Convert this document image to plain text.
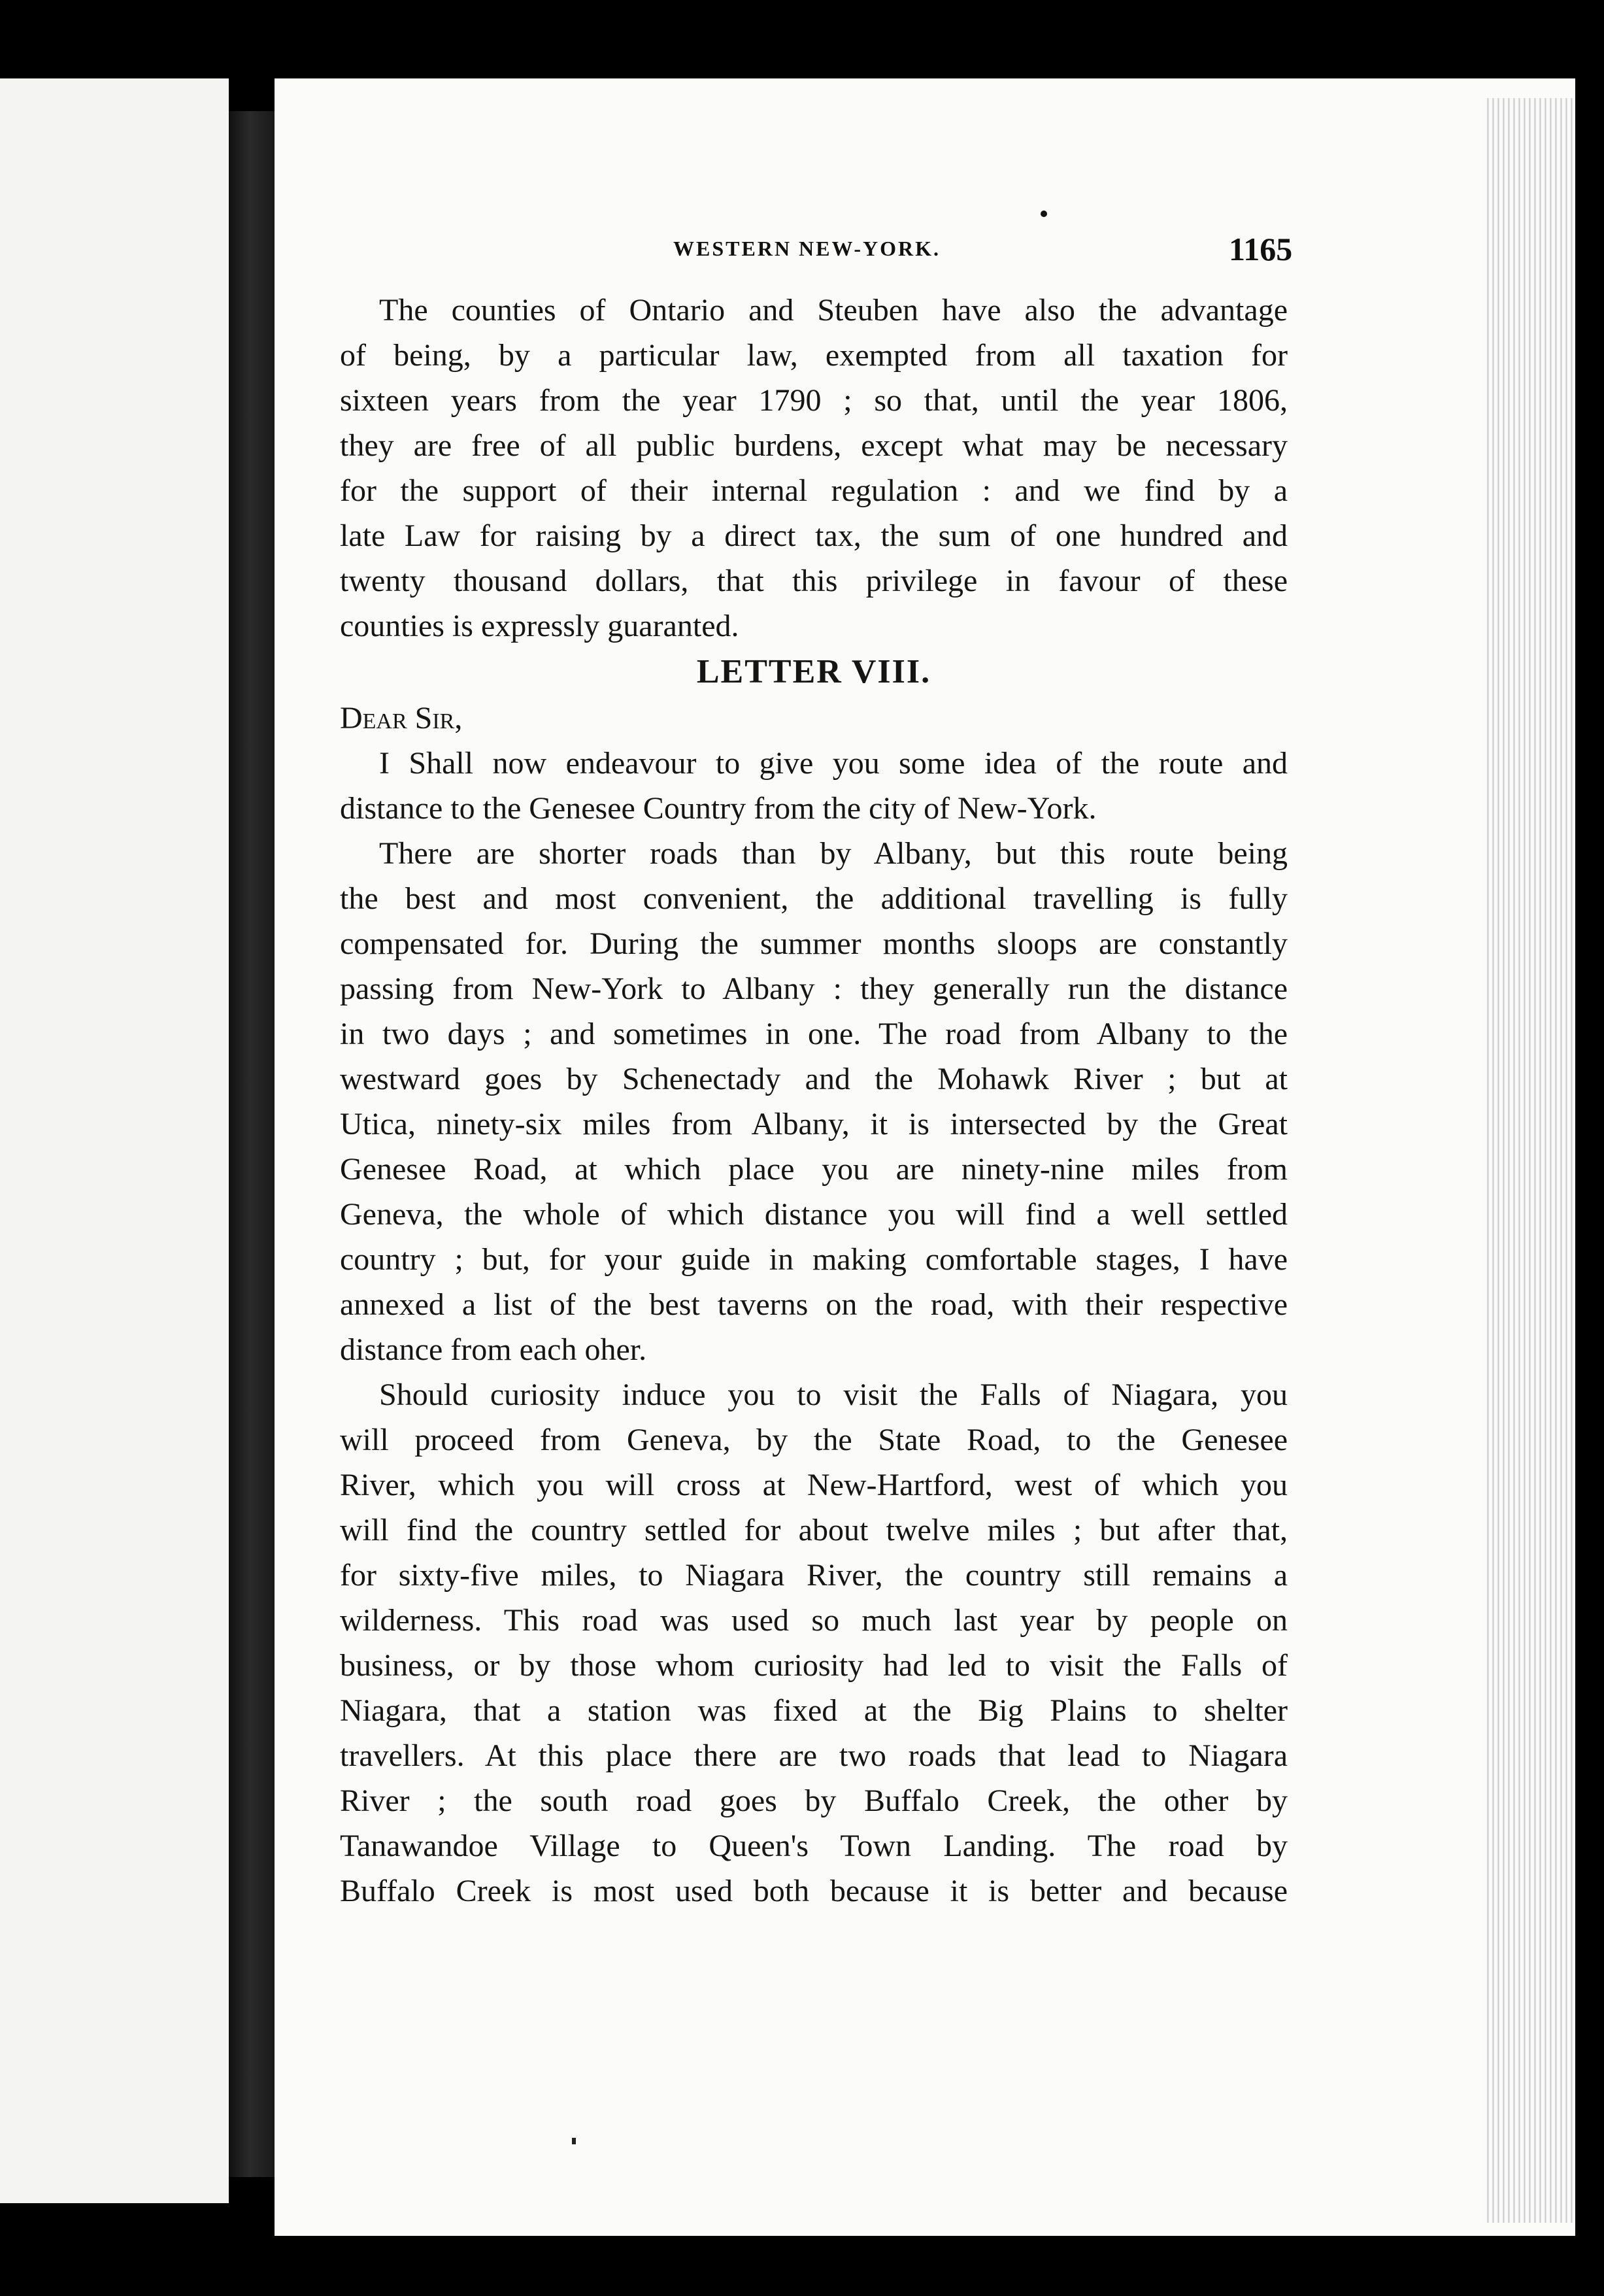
WESTERN NEW-YORK.	1165
The counties of Ontario and Steuben have also the advantage
of being, by a particular law, exempted from all taxation for
sixteen years from the year 1790 ; so that, until the year 1806,
they are free of all public burdens, except what may be necessary
for the support of their internal regulation : and we find by a
late Law for raising by a direct tax, the sum of one hundred and
twenty thousand dollars, that this privilege in favour of these
counties is expressly guaranted.
LETTER VIII.
Dear Sir,
I Shall now endeavour to give you some idea of the route and
distance to the Genesee Country from the city of New-York.
There are shorter roads than by Albany, but this route being
the best and most convenient, the additional travelling is fully
compensated for. During the summer months sloops are constantly
passing from New-York to Albany : they generally run the distance
in two days ; and sometimes in one. The road from Albany to the
westward goes by Schenectady and the Mohawk River ; but at
Utica, ninety-six miles from Albany, it is intersected by the Great
Genesee Road, at which place you are ninety-nine miles from
Geneva, the whole of which distance you will find a well settled
country ; but, for your guide in making comfortable stages, I have
annexed a list of the best taverns on the road, with their respective
distance from each oher.
Should curiosity induce you to visit the Falls of Niagara, you
will proceed from Geneva, by the State Road, to the Genesee
River, which you will cross at New-Hartford, west of which you
will find the country settled for about twelve miles ; but after that,
for sixty-five miles, to Niagara River, the country still remains a
wilderness. This road was used so much last year by people on
business, or by those whom curiosity had led to visit the Falls of
Niagara, that a station was fixed at the Big Plains to shelter
travellers. At this place there are two roads that lead to Niagara
River ; the south road goes by Buffalo Creek, the other by
Tanawandoe Village to Queen's Town Landing. The road by
Buffalo Creek is most used both because it is better and because
